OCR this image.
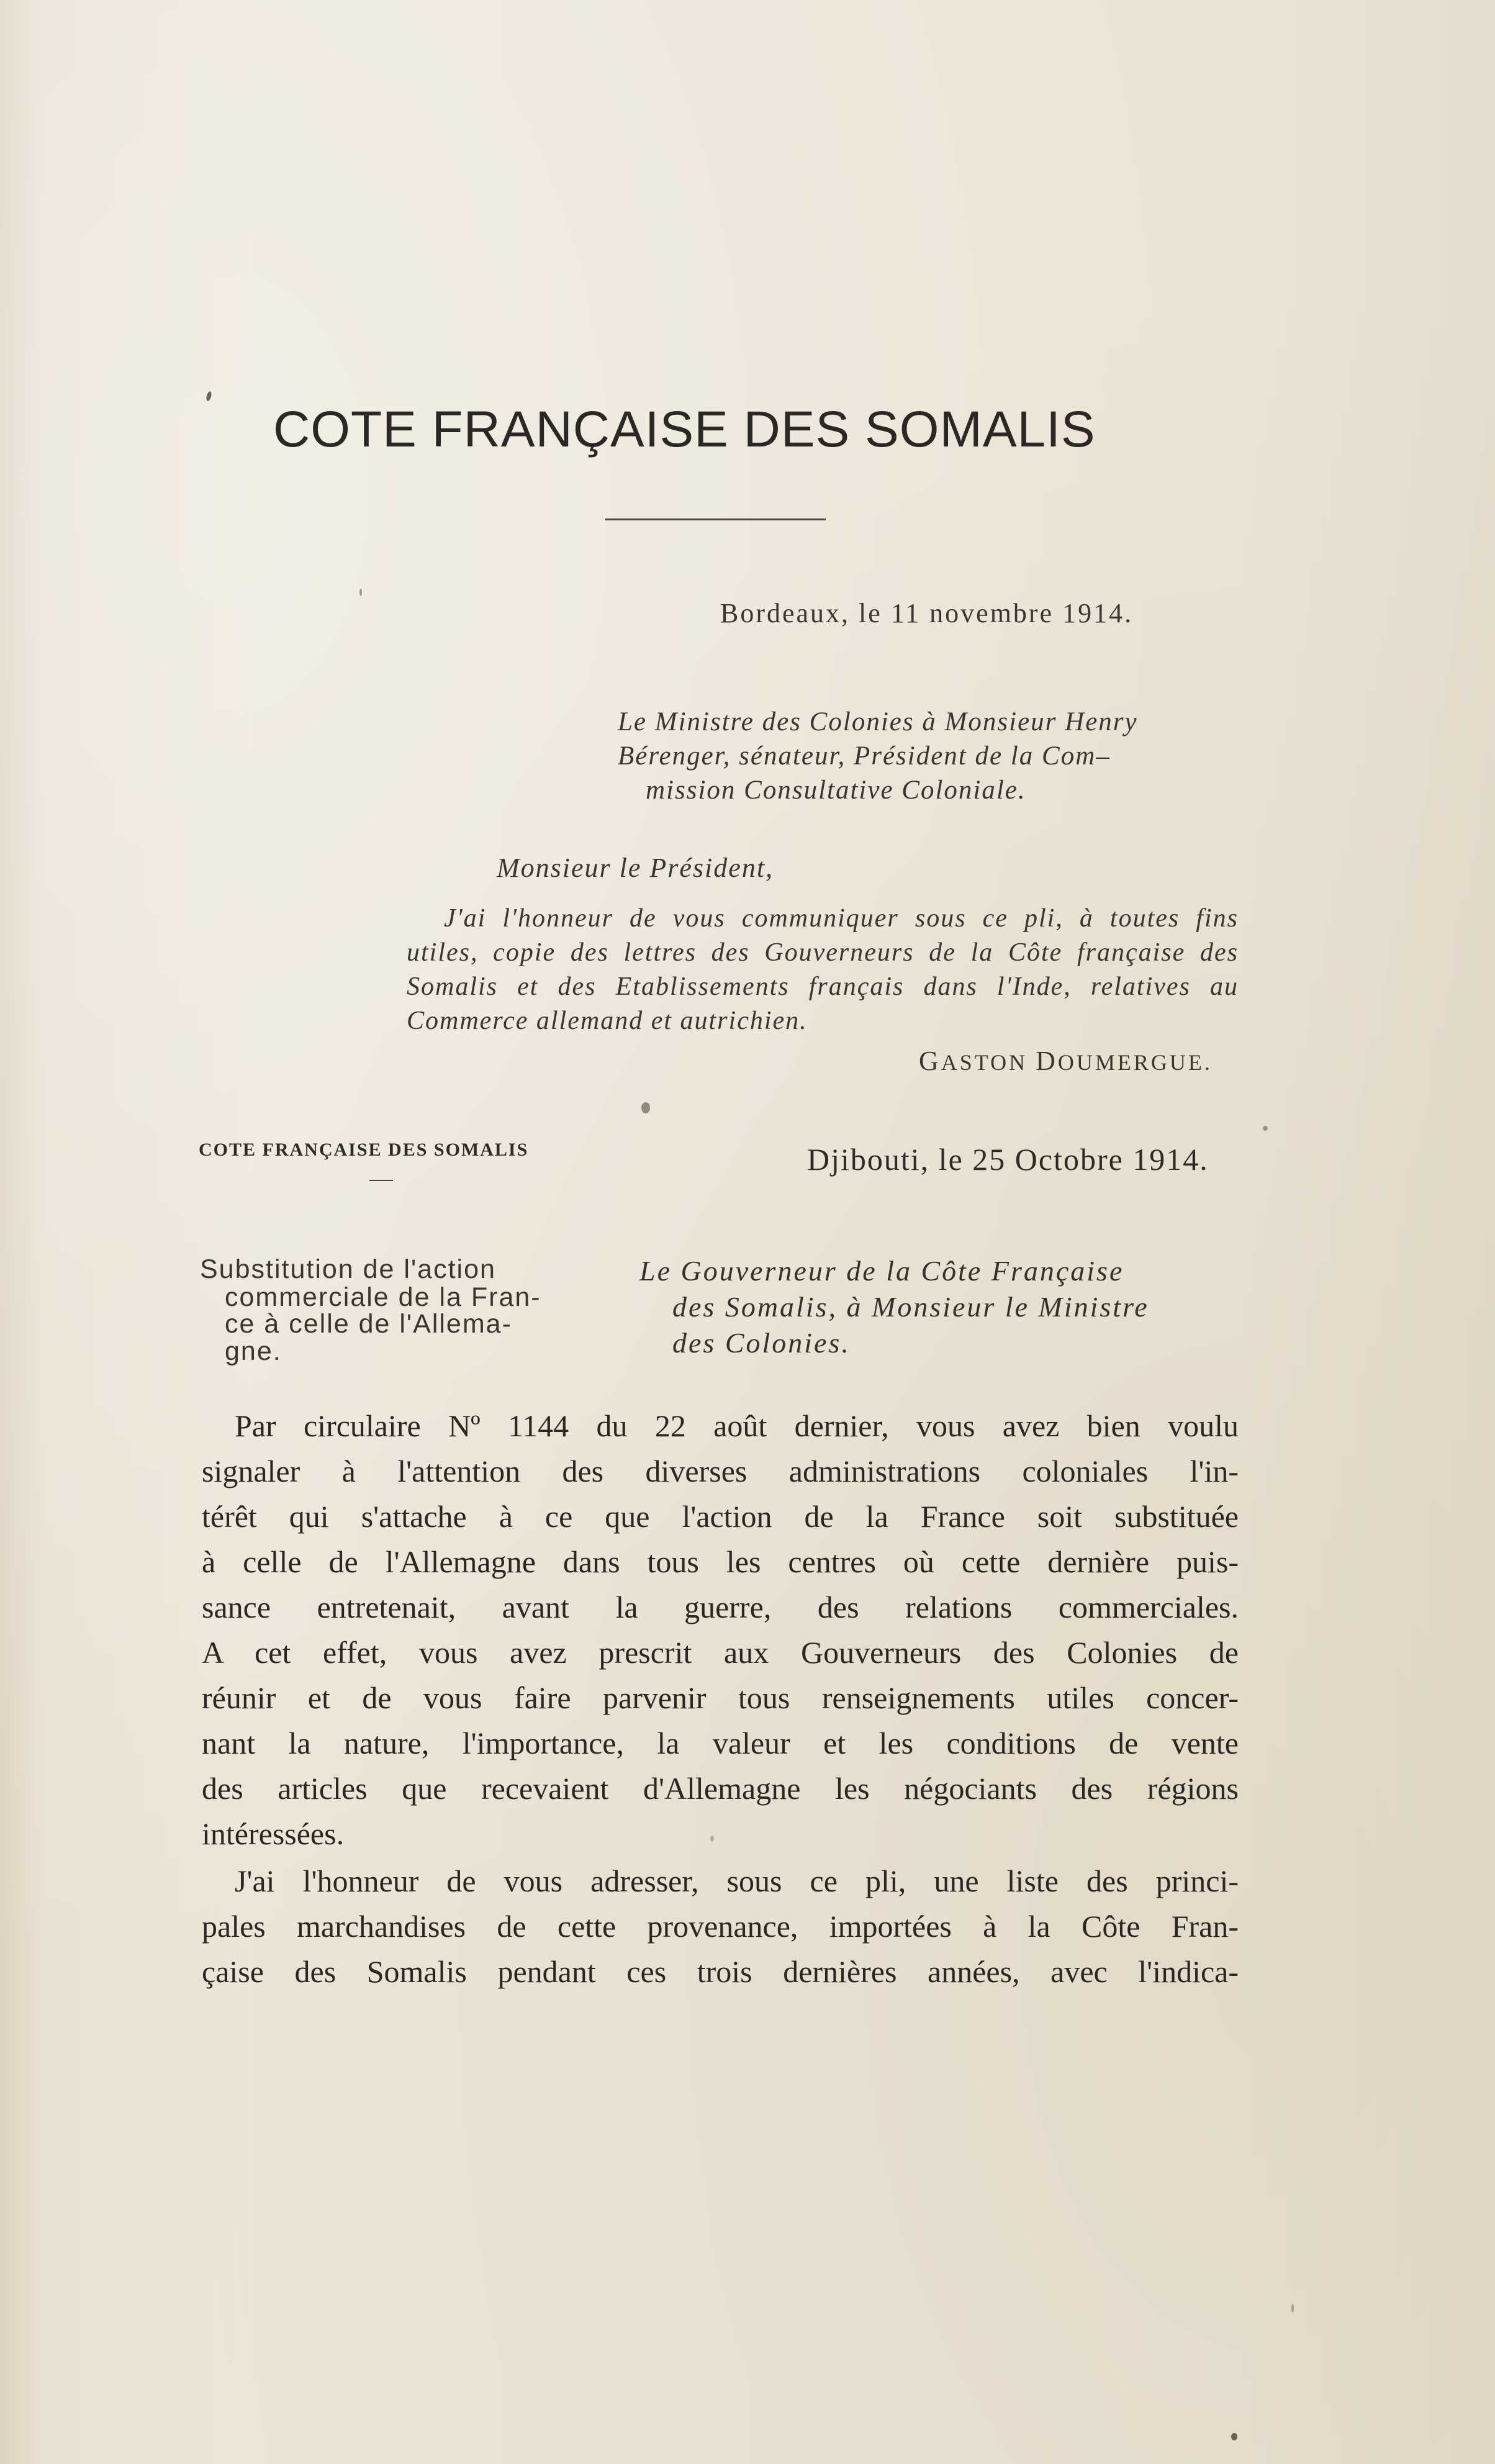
COTE FRANÇAISE DES SOMALIS
Bordeaux, le 11 novembre 1914.
Le Ministre des Colonies à Monsieur Henry
Bérenger, sénateur, Président de la Com–
mission Consultative Coloniale.
Monsieur le Président,
J'ai l'honneur de vous communiquer sous ce pli, à toutes fins
utiles, copie des lettres des Gouverneurs de la Côte française des
Somalis et des Etablissements français dans l'Inde, relatives au
Commerce allemand et autrichien.
GASTON DOUMERGUE.
COTE FRANÇAISE DES SOMALIS	Djibouti, le 25 Octobre 1914.
Substitution de l'action
commerciale de la Fran-
ce à celle de l'Allema-
gne.
Le Gouverneur de la Côte Française
des Somalis, à Monsieur le Ministre
des Colonies.
Par circulaire Nº 1144 du 22 août dernier, vous avez bien voulu
signaler à l'attention des diverses administrations coloniales l'in-
térêt qui s'attache à ce que l'action de la France soit substituée
à celle de l'Allemagne dans tous les centres où cette dernière puis-
sance entretenait, avant la guerre, des relations commerciales.
A cet effet, vous avez prescrit aux Gouverneurs des Colonies de
réunir et de vous faire parvenir tous renseignements utiles concer-
nant la nature, l'importance, la valeur et les conditions de vente
des articles que recevaient d'Allemagne les négociants des régions
intéressées.
J'ai l'honneur de vous adresser, sous ce pli, une liste des princi-
pales marchandises de cette provenance, importées à la Côte Fran-
çaise des Somalis pendant ces trois dernières années, avec l'indica-
